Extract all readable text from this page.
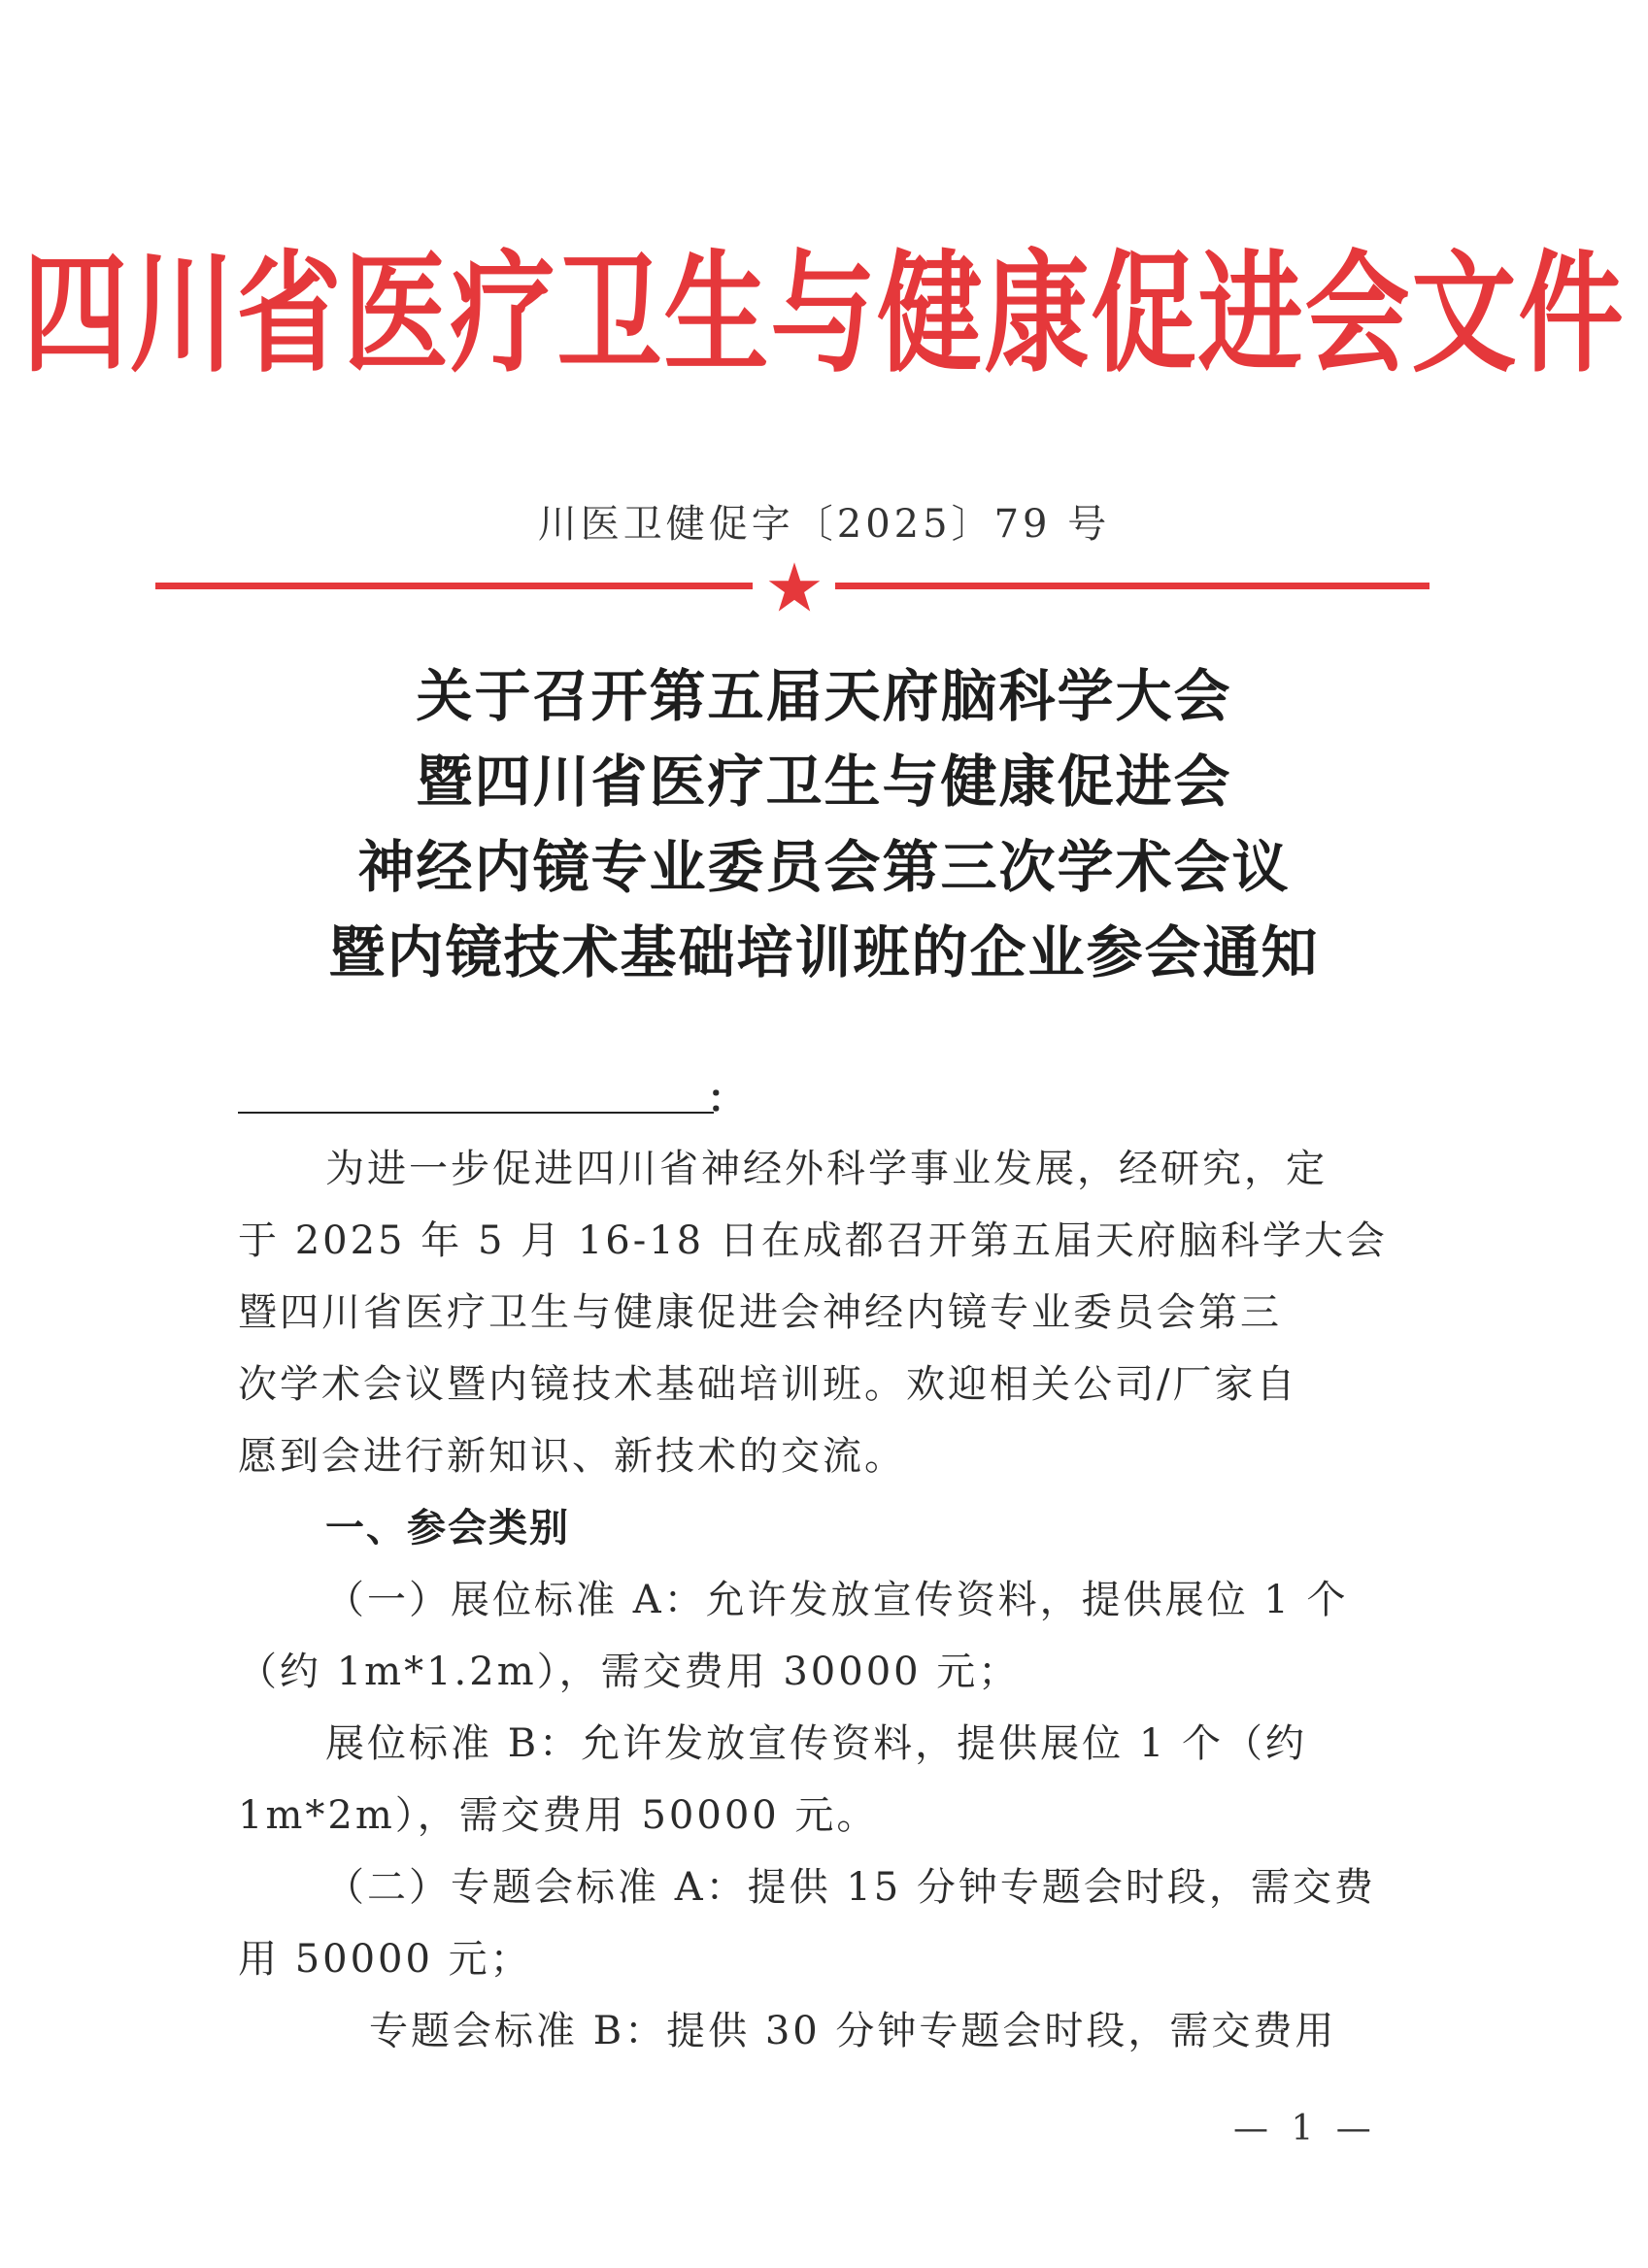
四川省医疗卫生与健康促进会文件
川医卫健促字〔2025〕79 号
关于召开第五届天府脑科学大会
暨四川省医疗卫生与健康促进会
神经内镜专业委员会第三次学术会议
暨内镜技术基础培训班的企业参会通知
：
为进一步促进四川省神经外科学事业发展，经研究，定
于 2025 年 5 月 16-18 日在成都召开第五届天府脑科学大会
暨四川省医疗卫生与健康促进会神经内镜专业委员会第三
次学术会议暨内镜技术基础培训班。欢迎相关公司/厂家自
愿到会进行新知识、新技术的交流。
一、参会类别
（一）展位标准 A：允许发放宣传资料，提供展位 1 个
（约 1m*1.2m），需交费用 30000 元；
展位标准 B：允许发放宣传资料，提供展位 1 个（约
1m*2m），需交费用 50000 元。
（二）专题会标准 A：提供 15 分钟专题会时段，需交费
用 50000 元；
专题会标准 B：提供 30 分钟专题会时段，需交费用
— 1 —
